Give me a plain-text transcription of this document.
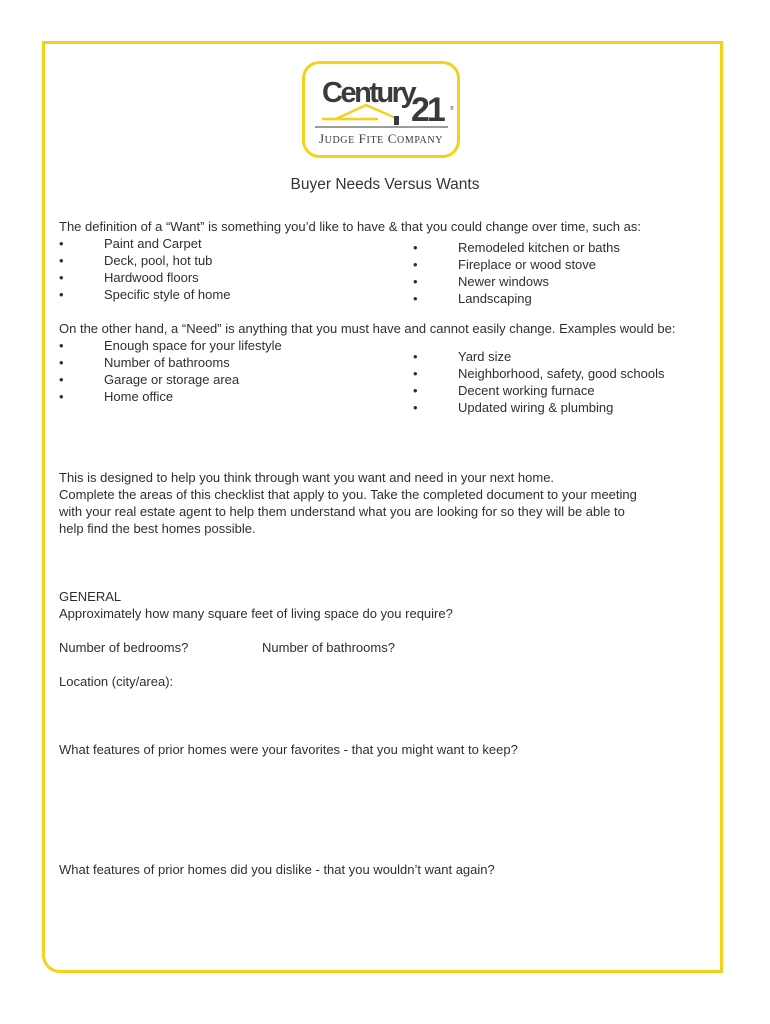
Century
21	®
JUDGE FITE COMPANY
Buyer Needs Versus Wants
The definition of a “Want” is something you’d like to have & that you could change over time, such as:
• Paint and Carpet
• Deck, pool, hot tub
• Hardwood floors
• Specific style of home
• Remodeled kitchen or baths
• Fireplace or wood stove
• Newer windows
• Landscaping
On the other hand, a “Need” is anything that you must have and cannot easily change. Examples would be:
• Enough space for your lifestyle
• Number of bathrooms
• Garage or storage area
• Home office
• Yard size
• Neighborhood, safety, good schools
• Decent working furnace
• Updated wiring & plumbing
This is designed to help you think through want you want and need in your next home.
Complete the areas of this checklist that apply to you. Take the completed document to your meeting
with your real estate agent to help them understand what you are looking for so they will be able to
help find the best homes possible.
GENERAL
Approximately how many square feet of living space do you require?
Number of bedrooms?	Number of bathrooms?
Location (city/area):
What features of prior homes were your favorites - that you might want to keep?
What features of prior homes did you dislike - that you wouldn’t want again?
